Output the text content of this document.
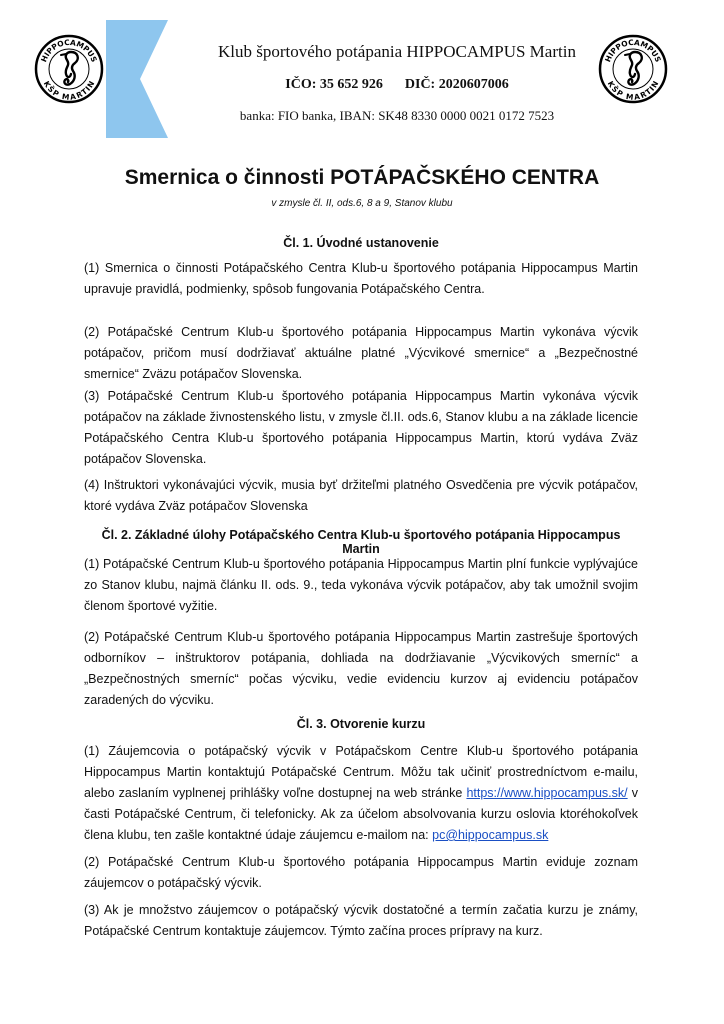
HIPPOCAMPUS
KŠP MARTIN
Klub športového potápania HIPPOCAMPUS Martin
IČO: 35 652 926 DIČ: 2020607006
banka: FIO banka, IBAN: SK48 8330 0000 0021 0172 7523
HIPPOCAMPUS
KŠP MARTIN
Smernica o činnosti POTÁPAČSKÉHO CENTRA
v zmysle čl. II, ods.6, 8 a 9, Stanov klubu
Čl. 1. Úvodné ustanovenie

(1) Smernica o činnosti Potápačského Centra Klub-u športového potápania Hippocampus Martin upravuje pravidlá, podmienky, spôsob fungovania Potápačského Centra.

(2) Potápačské Centrum Klub-u športového potápania Hippocampus Martin vykonáva výcvik potápačov, pričom musí dodržiavať aktuálne platné „Výcvikové smernice“ a „Bezpečnostné smernice“ Zväzu potápačov Slovenska.

(3) Potápačské Centrum Klub-u športového potápania Hippocampus Martin vykonáva výcvik potápačov na základe živnostenského listu, v zmysle čl.II. ods.6, Stanov klubu a na základe licencie Potápačského Centra Klub-u športového potápania Hippocampus Martin, ktorú vydáva Zväz potápačov Slovenska.

(4) Inštruktori vykonávajúci výcvik, musia byť držiteľmi platného Osvedčenia pre výcvik potápačov, ktoré vydáva Zväz potápačov Slovenska

Čl. 2. Základné úlohy Potápačského Centra Klub-u športového potápania Hippocampus Martin

(1) Potápačské Centrum Klub-u športového potápania Hippocampus Martin plní funkcie vyplývajúce zo Stanov klubu, najmä článku II. ods. 9., teda vykonáva výcvik potápačov, aby tak umožnil svojim členom športové vyžitie.

(2) Potápačské Centrum Klub-u športového potápania Hippocampus Martin zastrešuje športových odborníkov – inštruktorov potápania, dohliada na dodržiavanie „Výcvikových smerníc“ a „Bezpečnostných smerníc“ počas výcviku, vedie evidenciu kurzov aj evidenciu potápačov zaradených do výcviku.

Čl. 3. Otvorenie kurzu

(1) Záujemcovia o potápačský výcvik v Potápačskom Centre Klub-u športového potápania Hippocampus Martin kontaktujú Potápačské Centrum. Môžu tak učiniť prostredníctvom e-mailu, alebo zaslaním vyplnenej prihlášky voľne dostupnej na web stránke https://www.hippocampus.sk/ v časti Potápačské Centrum, či telefonicky. Ak za účelom absolvovania kurzu oslovia ktoréhokoľvek člena klubu, ten zašle kontaktné údaje záujemcu e-mailom na: pc@hippocampus.sk

(2) Potápačské Centrum Klub-u športového potápania Hippocampus Martin eviduje zoznam záujemcov o potápačský výcvik.

(3) Ak je množstvo záujemcov o potápačský výcvik dostatočné a termín začatia kurzu je známy, Potápačské Centrum kontaktuje záujemcov. Týmto začína proces prípravy na kurz.
